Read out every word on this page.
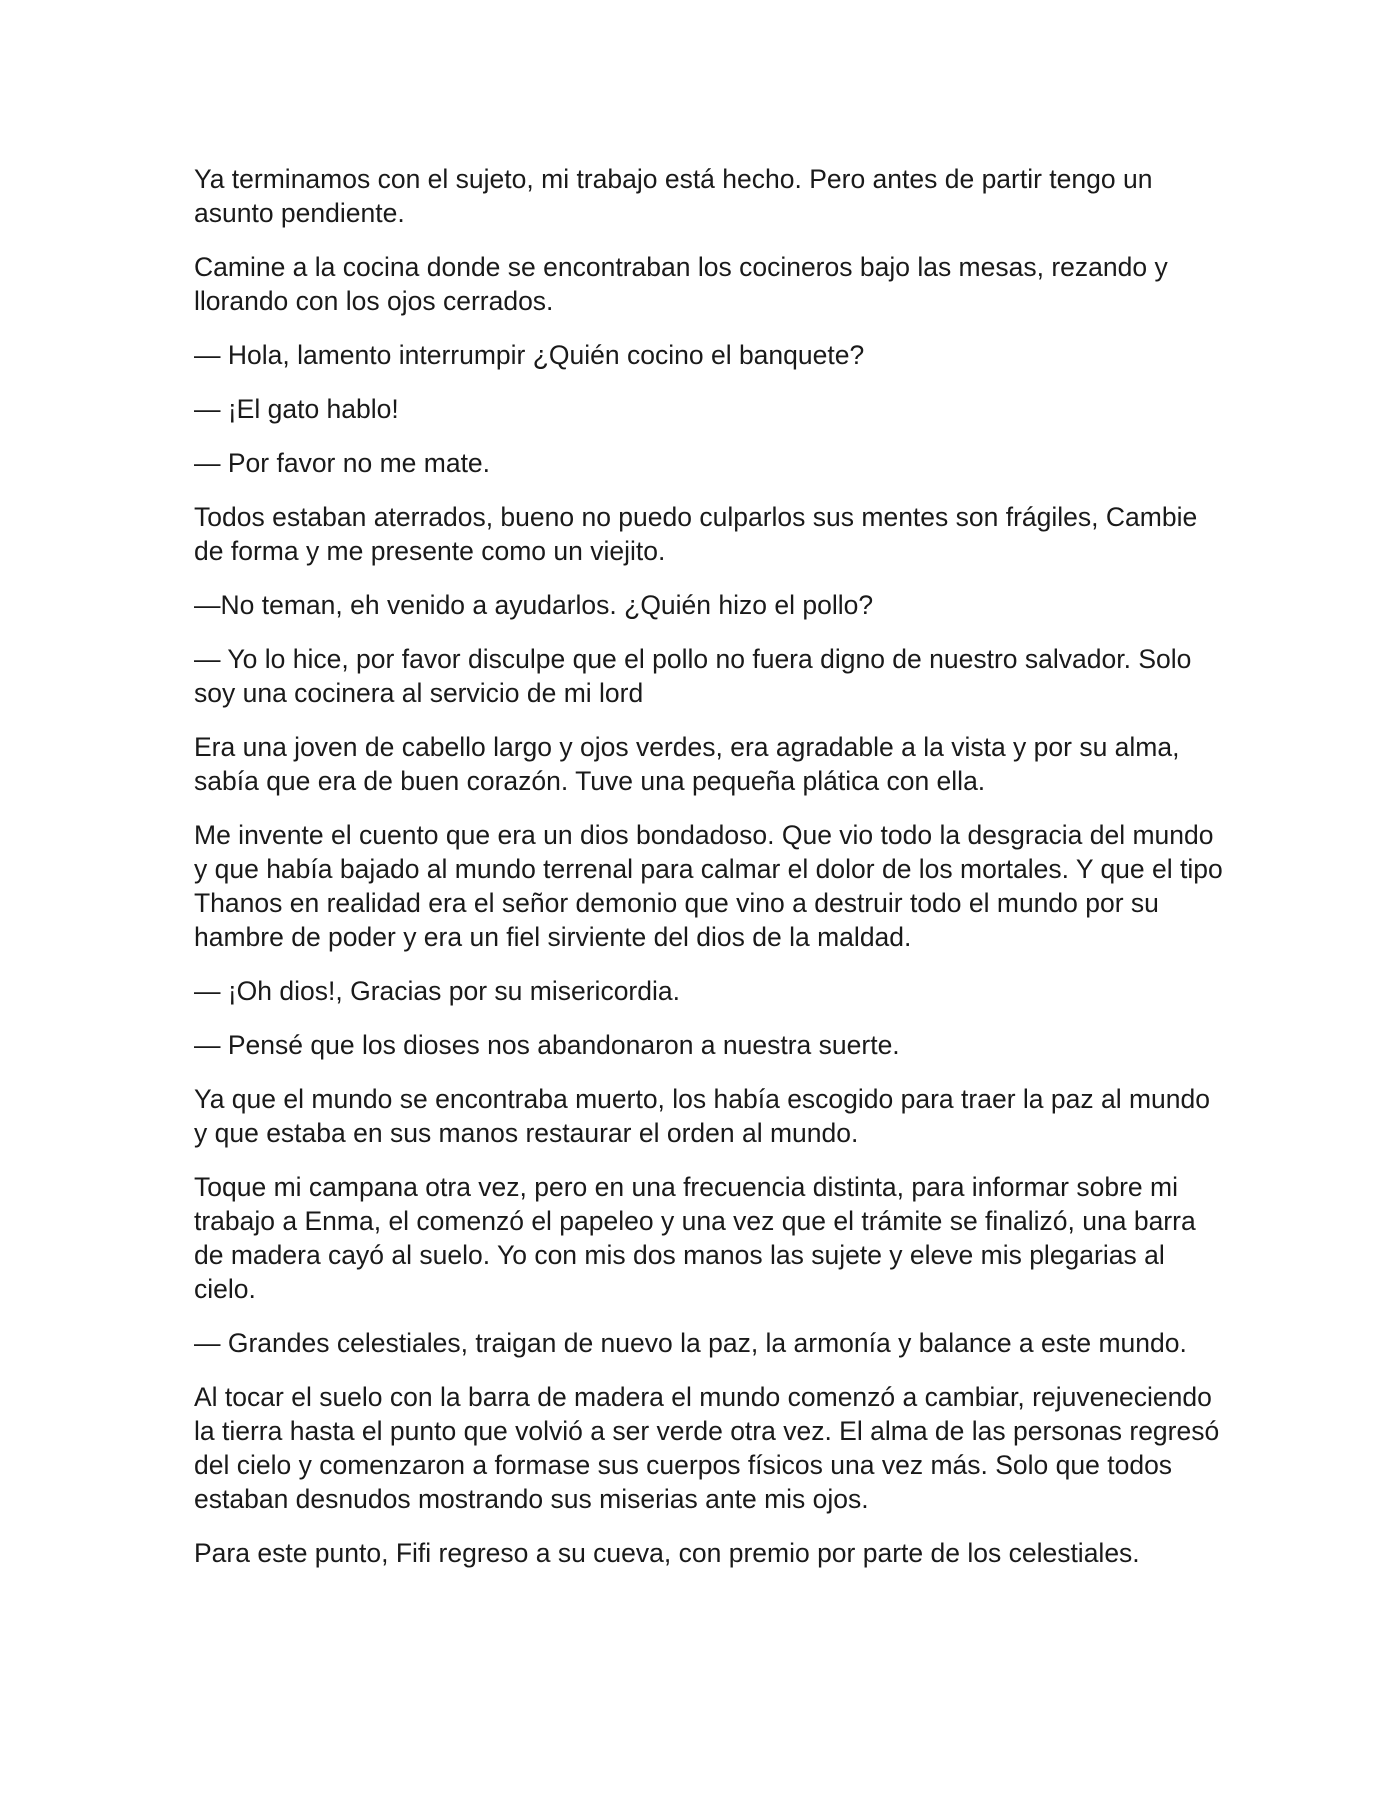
Ya terminamos con el sujeto, mi trabajo está hecho. Pero antes de partir tengo un asunto pendiente.

Camine a la cocina donde se encontraban los cocineros bajo las mesas, rezando y llorando con los ojos cerrados.

— Hola, lamento interrumpir ¿Quién cocino el banquete?

— ¡El gato hablo!

— Por favor no me mate.

Todos estaban aterrados, bueno no puedo culparlos sus mentes son frágiles, Cambie de forma y me presente como un viejito.

—No teman, eh venido a ayudarlos. ¿Quién hizo el pollo?

— Yo lo hice, por favor disculpe que el pollo no fuera digno de nuestro salvador. Solo soy una cocinera al servicio de mi lord

Era una joven de cabello largo y ojos verdes, era agradable a la vista y por su alma, sabía que era de buen corazón. Tuve una pequeña plática con ella.

Me invente el cuento que era un dios bondadoso. Que vio todo la desgracia del mundo y que había bajado al mundo terrenal para calmar el dolor de los mortales. Y que el tipo Thanos en realidad era el señor demonio que vino a destruir todo el mundo por su hambre de poder y era un fiel sirviente del dios de la maldad.

— ¡Oh dios!, Gracias por su misericordia.

— Pensé que los dioses nos abandonaron a nuestra suerte.

Ya que el mundo se encontraba muerto, los había escogido para traer la paz al mundo y que estaba en sus manos restaurar el orden al mundo.

Toque mi campana otra vez, pero en una frecuencia distinta, para informar sobre mi trabajo a Enma, el comenzó el papeleo y una vez que el trámite se finalizó, una barra de madera cayó al suelo. Yo con mis dos manos las sujete y eleve mis plegarias al cielo.

— Grandes celestiales, traigan de nuevo la paz, la armonía y balance a este mundo.

Al tocar el suelo con la barra de madera el mundo comenzó a cambiar, rejuveneciendo la tierra hasta el punto que volvió a ser verde otra vez. El alma de las personas regresó del cielo y comenzaron a formase sus cuerpos físicos una vez más. Solo que todos estaban desnudos mostrando sus miserias ante mis ojos.

Para este punto, Fifi regreso a su cueva, con premio por parte de los celestiales.
